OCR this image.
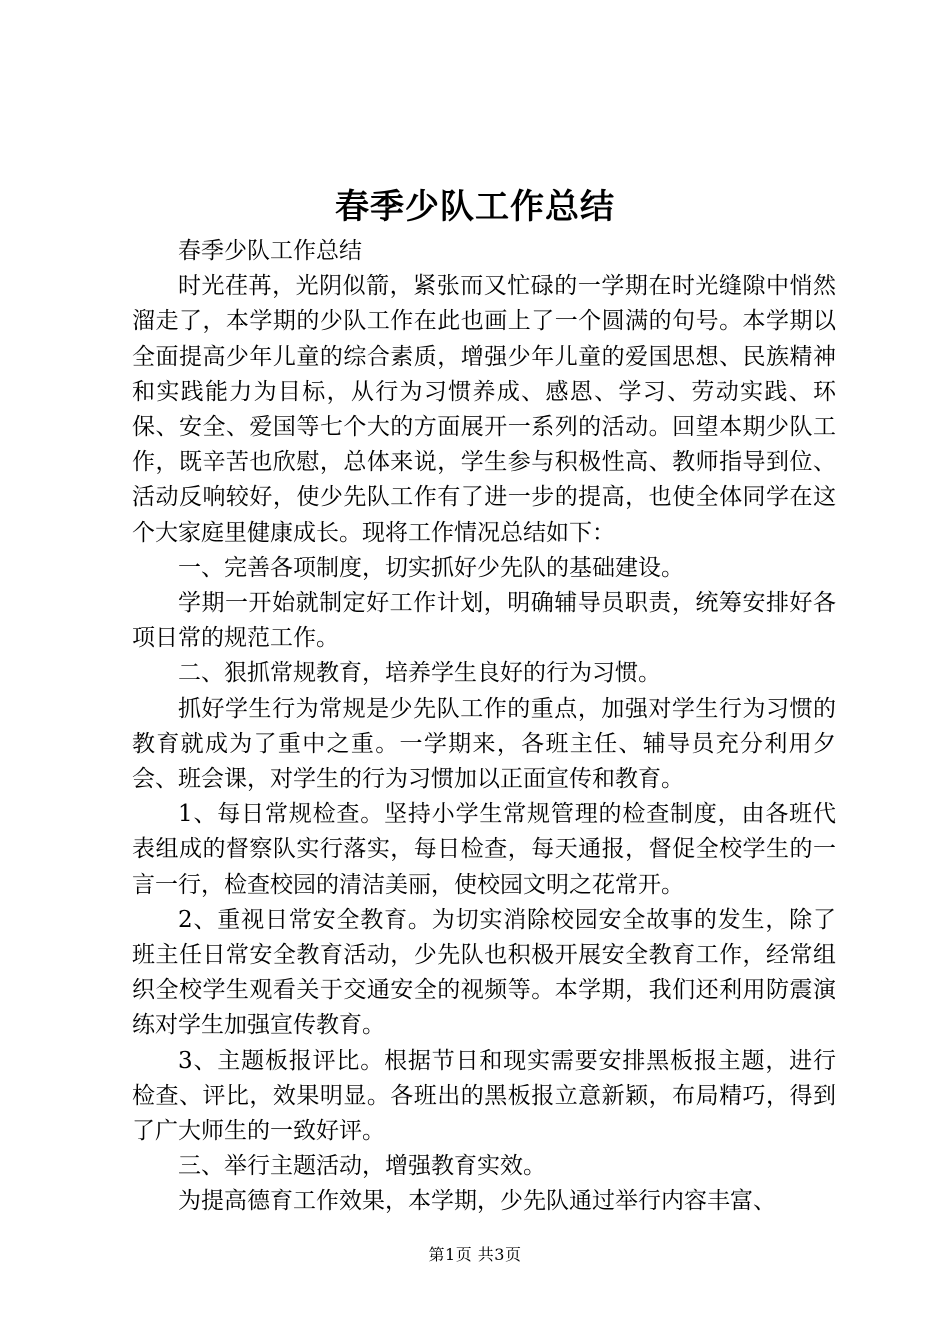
春季少队工作总结

春季少队工作总结

时光荏苒，光阴似箭，紧张而又忙碌的一学期在时光缝隙中悄然溜走了，本学期的少队工作在此也画上了一个圆满的句号。本学期以全面提高少年儿童的综合素质，增强少年儿童的爱国思想、民族精神和实践能力为目标，从行为习惯养成、感恩、学习、劳动实践、环保、安全、爱国等七个大的方面展开一系列的活动。回望本期少队工作，既辛苦也欣慰，总体来说，学生参与积极性高、教师指导到位、活动反响较好，使少先队工作有了进一步的提高，也使全体同学在这个大家庭里健康成长。现将工作情况总结如下：

一、完善各项制度，切实抓好少先队的基础建设。

学期一开始就制定好工作计划，明确辅导员职责，统筹安排好各项日常的规范工作。

二、狠抓常规教育，培养学生良好的行为习惯。

抓好学生行为常规是少先队工作的重点，加强对学生行为习惯的教育就成为了重中之重。一学期来，各班主任、辅导员充分利用夕会、班会课，对学生的行为习惯加以正面宣传和教育。

1、每日常规检查。坚持小学生常规管理的检查制度，由各班代表组成的督察队实行落实，每日检查，每天通报，督促全校学生的一言一行，检查校园的清洁美丽，使校园文明之花常开。

2、重视日常安全教育。为切实消除校园安全故事的发生，除了班主任日常安全教育活动，少先队也积极开展安全教育工作，经常组织全校学生观看关于交通安全的视频等。本学期，我们还利用防震演练对学生加强宣传教育。

3、主题板报评比。根据节日和现实需要安排黑板报主题，进行检查、评比，效果明显。各班出的黑板报立意新颖，布局精巧，得到了广大师生的一致好评。

三、举行主题活动，增强教育实效。

为提高德育工作效果，本学期，少先队通过举行内容丰富、

第1页 共3页
